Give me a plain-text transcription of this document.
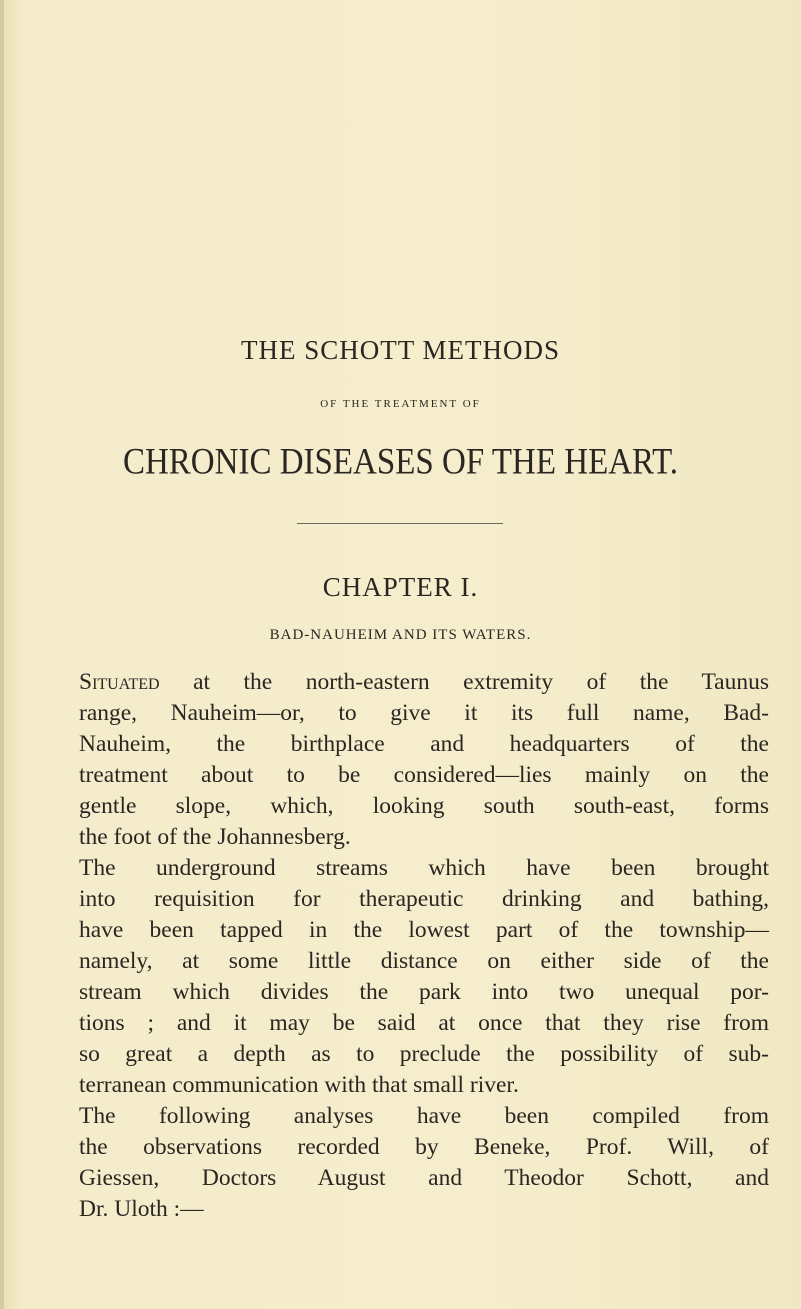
THE SCHOTT METHODS
OF THE TREATMENT OF
CHRONIC DISEASES OF THE HEART.
CHAPTER I.
BAD-NAUHEIM AND ITS WATERS.
Situated at the north-eastern extremity of the Taunus
range, Nauheim—or, to give it its full name, Bad-
Nauheim, the birthplace and headquarters of the
treatment about to be considered—lies mainly on the
gentle slope, which, looking south south-east, forms
the foot of the Johannesberg.
The underground streams which have been brought
into requisition for therapeutic drinking and bathing,
have been tapped in the lowest part of the township—
namely, at some little distance on either side of the
stream which divides the park into two unequal por-
tions ; and it may be said at once that they rise from
so great a depth as to preclude the possibility of sub-
terranean communication with that small river.
The following analyses have been compiled from
the observations recorded by Beneke, Prof. Will, of
Giessen, Doctors August and Theodor Schott, and
Dr. Uloth :—
